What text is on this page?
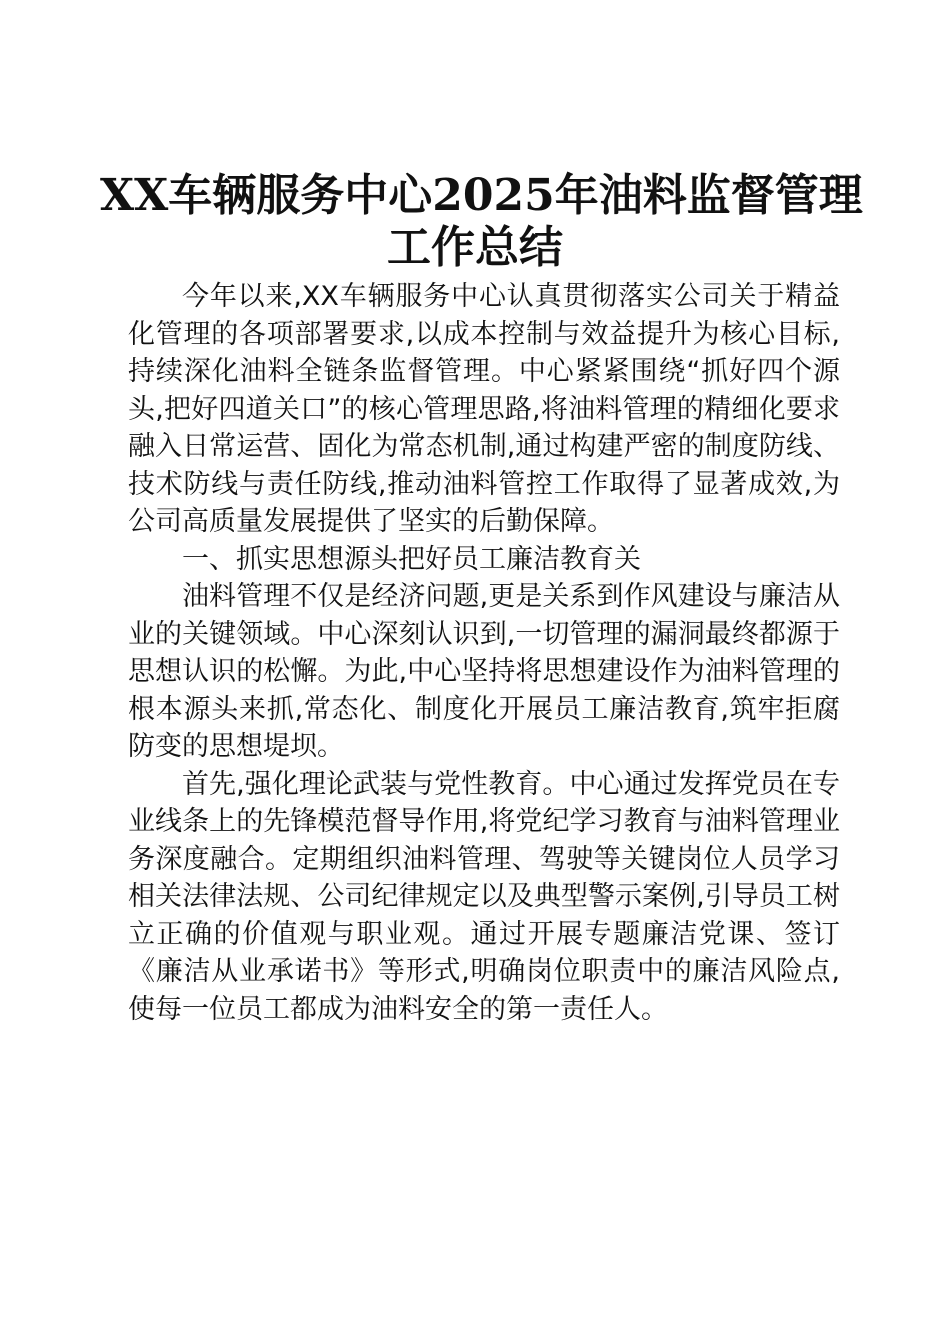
XX车辆服务中心2025年油料监督管理
工作总结

今年以来,XX车辆服务中心认真贯彻落实公司关于精益化管理的各项部署要求,以成本控制与效益提升为核心目标,持续深化油料全链条监督管理。中心紧紧围绕“抓好四个源头,把好四道关口”的核心管理思路,将油料管理的精细化要求融入日常运营、固化为常态机制,通过构建严密的制度防线、技术防线与责任防线,推动油料管控工作取得了显著成效,为公司高质量发展提供了坚实的后勤保障。

一、抓实思想源头把好员工廉洁教育关

油料管理不仅是经济问题,更是关系到作风建设与廉洁从业的关键领域。中心深刻认识到,一切管理的漏洞最终都源于思想认识的松懈。为此,中心坚持将思想建设作为油料管理的根本源头来抓,常态化、制度化开展员工廉洁教育,筑牢拒腐防变的思想堤坝。

首先,强化理论武装与党性教育。中心通过发挥党员在专业线条上的先锋模范督导作用,将党纪学习教育与油料管理业务深度融合。定期组织油料管理、驾驶等关键岗位人员学习相关法律法规、公司纪律规定以及典型警示案例,引导员工树立正确的价值观与职业观。通过开展专题廉洁党课、签订《廉洁从业承诺书》等形式,明确岗位职责中的廉洁风险点,使每一位员工都成为油料安全的第一责任人。
